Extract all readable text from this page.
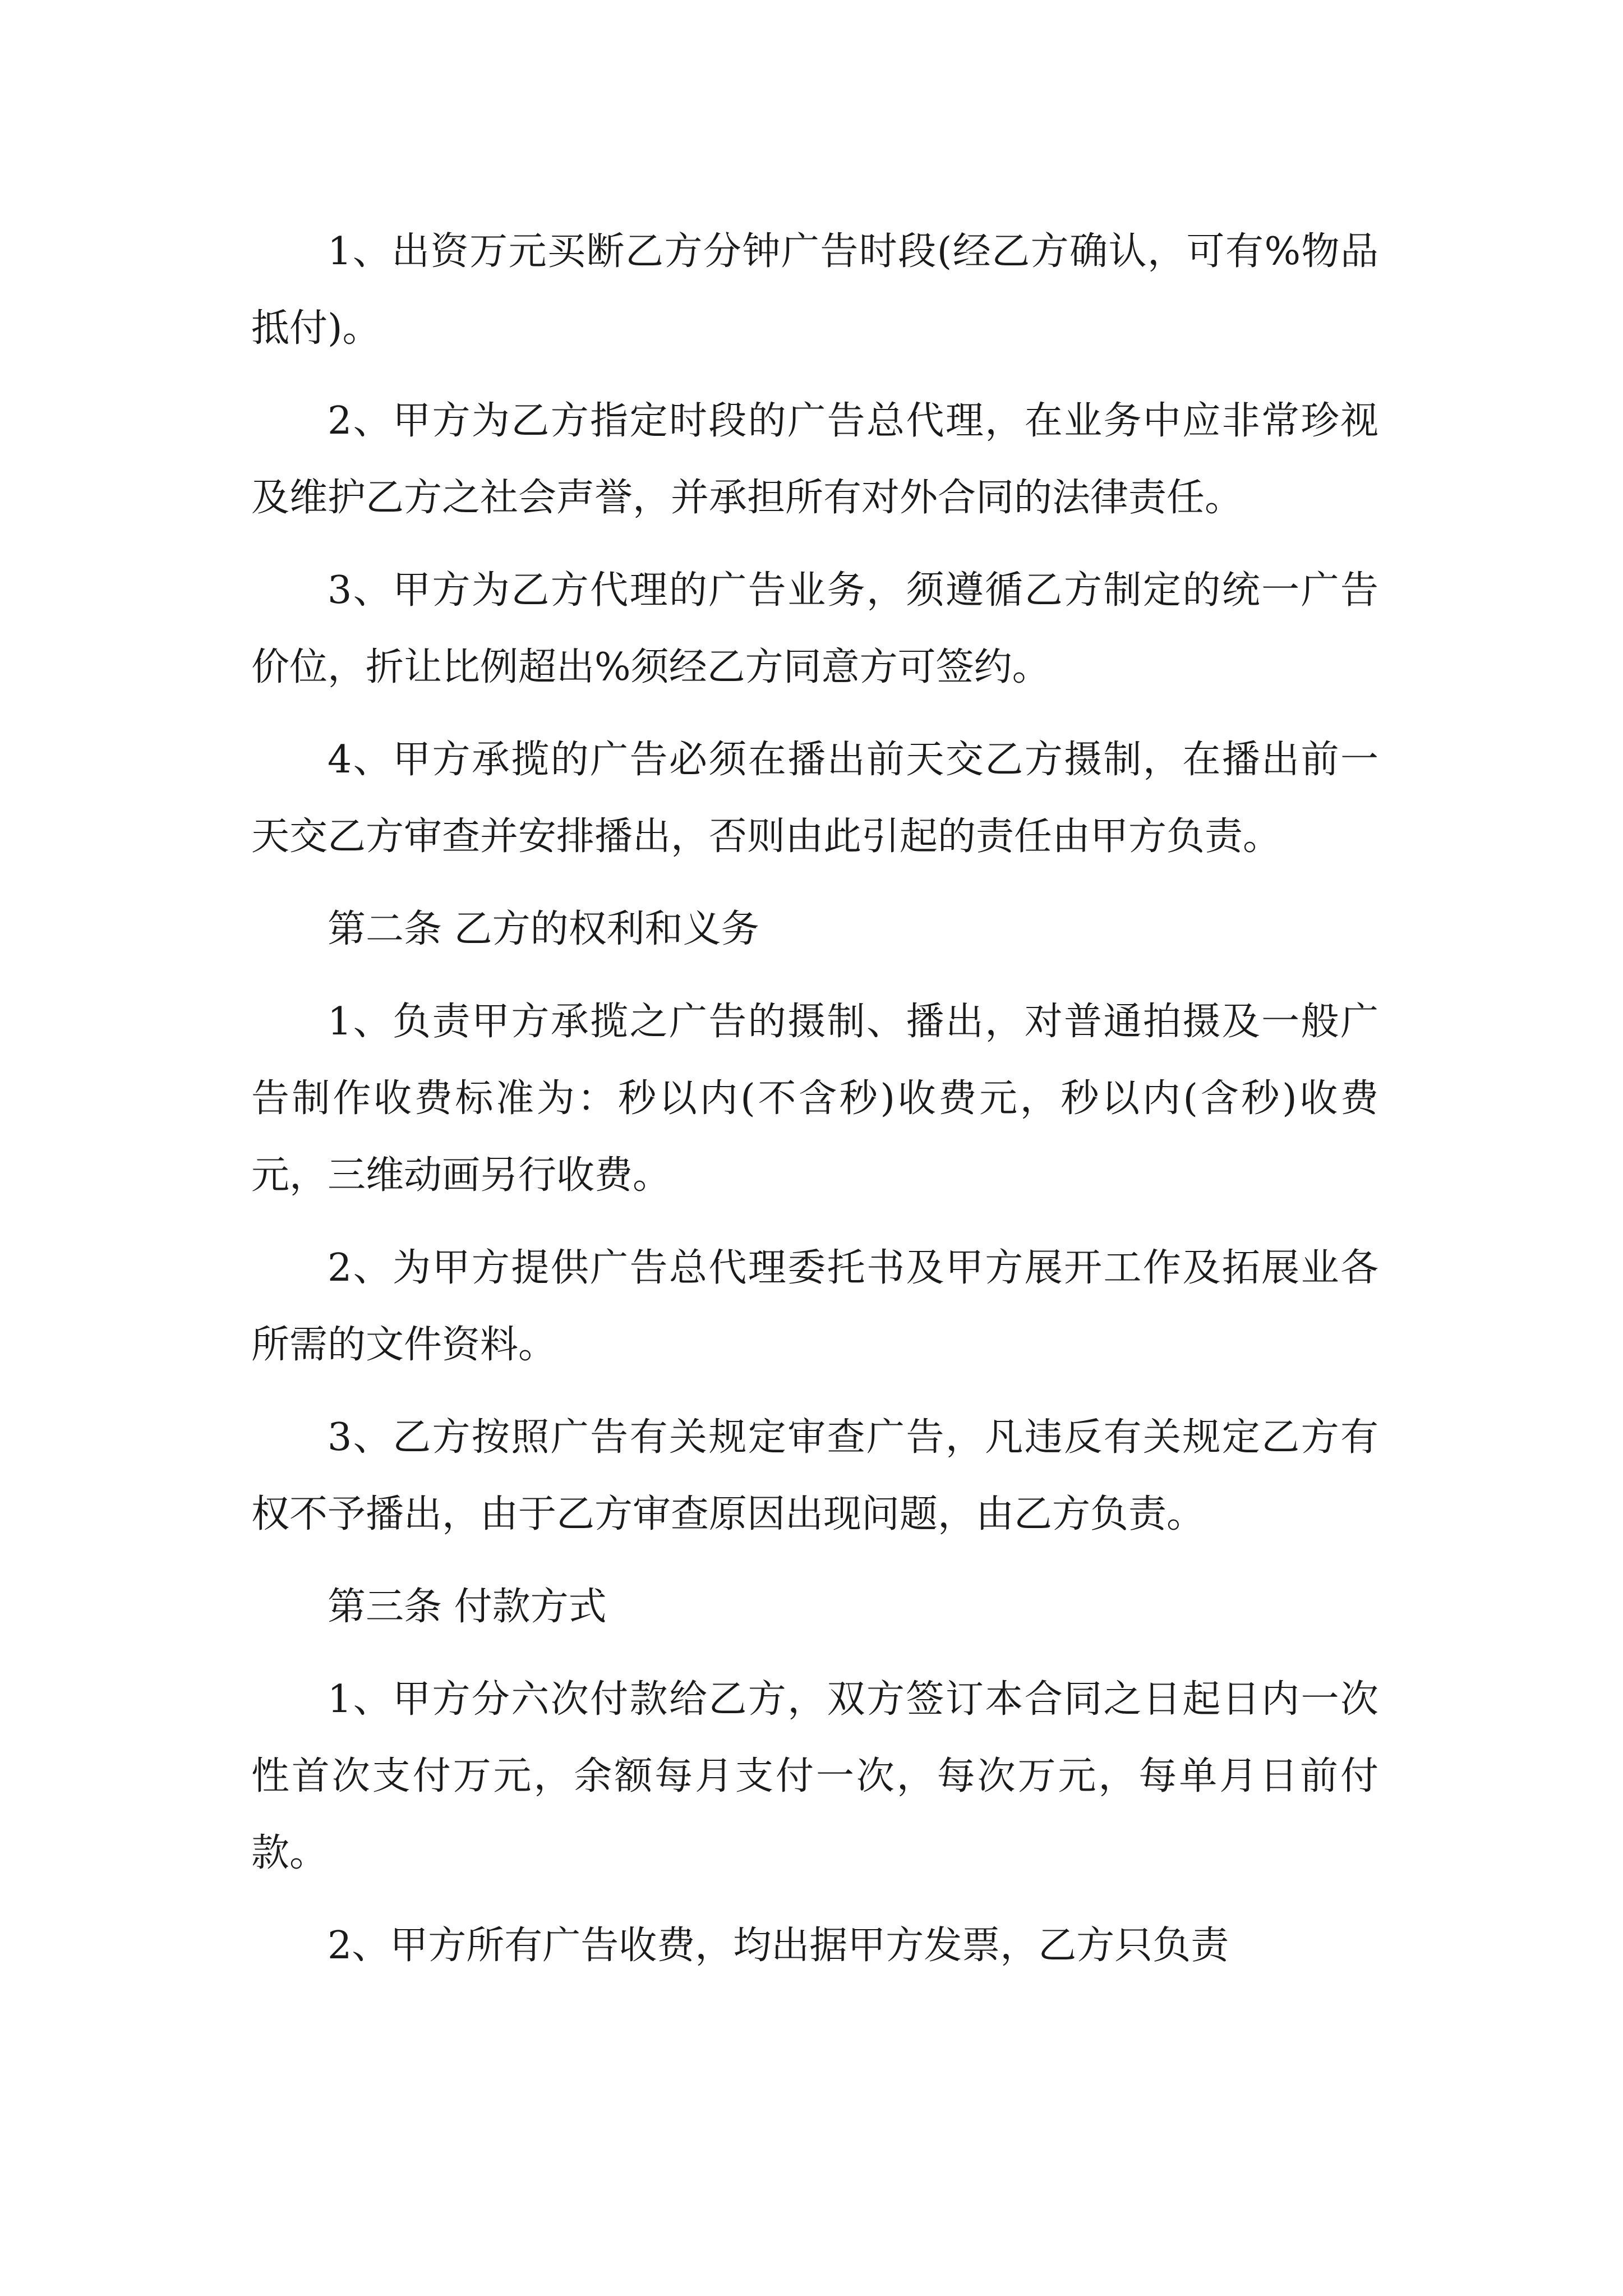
1、出资万元买断乙方分钟广告时段(经乙方确认，可有%物品抵付)。

2、甲方为乙方指定时段的广告总代理，在业务中应非常珍视及维护乙方之社会声誉，并承担所有对外合同的法律责任。

3、甲方为乙方代理的广告业务，须遵循乙方制定的统一广告价位，折让比例超出%须经乙方同意方可签约。

4、甲方承揽的广告必须在播出前天交乙方摄制，在播出前一天交乙方审查并安排播出，否则由此引起的责任由甲方负责。

第二条 乙方的权利和义务

1、负责甲方承揽之广告的摄制、播出，对普通拍摄及一般广告制作收费标准为：秒以内(不含秒)收费元，秒以内(含秒)收费元，三维动画另行收费。

2、为甲方提供广告总代理委托书及甲方展开工作及拓展业各所需的文件资料。

3、乙方按照广告有关规定审查广告，凡违反有关规定乙方有权不予播出，由于乙方审查原因出现问题，由乙方负责。

第三条 付款方式

1、甲方分六次付款给乙方，双方签订本合同之日起日内一次性首次支付万元，余额每月支付一次，每次万元，每单月日前付款。

2、甲方所有广告收费，均出据甲方发票，乙方只负责
